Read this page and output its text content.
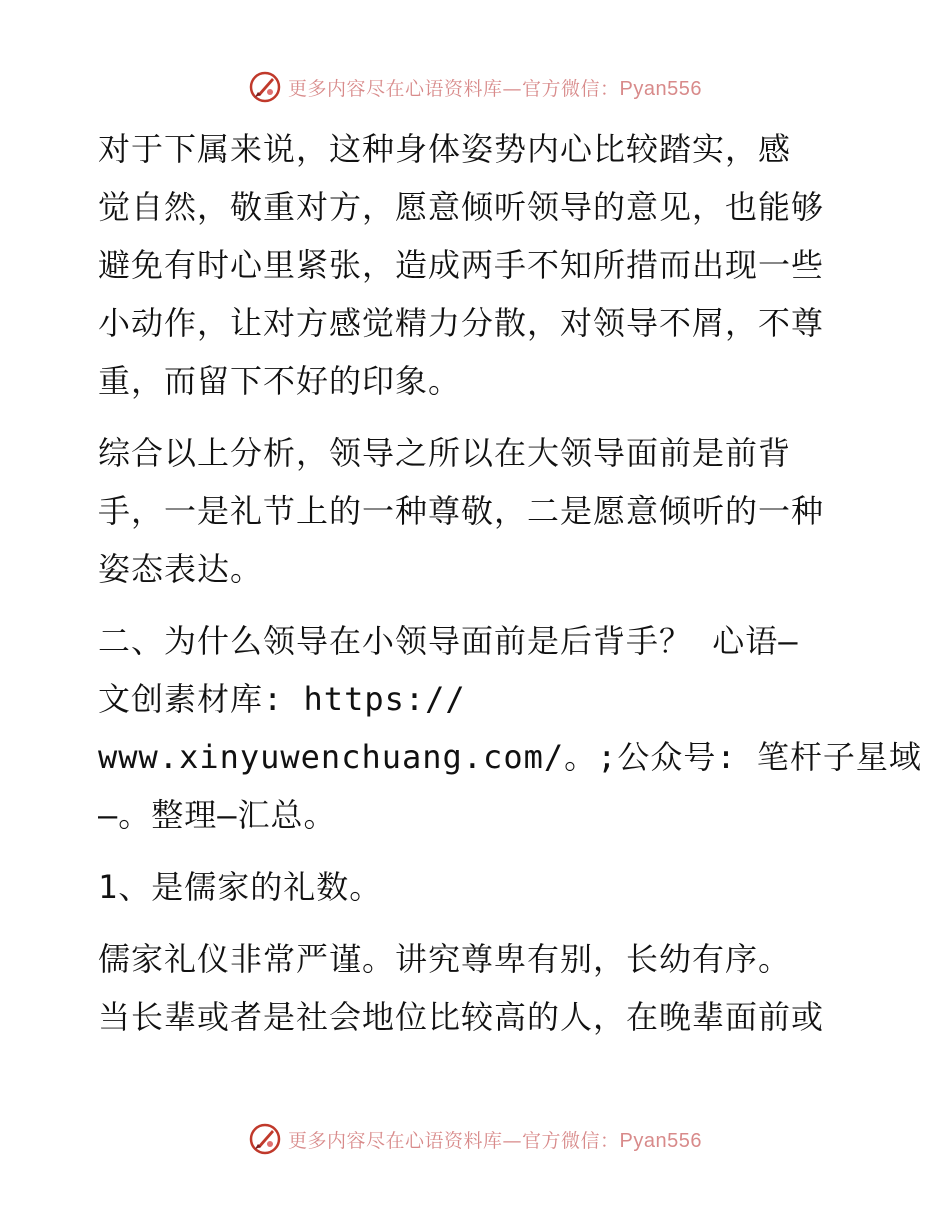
更多内容尽在心语资料库—官方微信：Pyan556

对于下属来说，这种身体姿势内心比较踏实，感
觉自然，敬重对方，愿意倾听领导的意见，也能够
避免有时心里紧张，造成两手不知所措而出现一些
小动作，让对方感觉精力分散，对领导不屑，不尊
重，而留下不好的印象。

综合以上分析，领导之所以在大领导面前是前背
手，一是礼节上的一种尊敬，二是愿意倾听的一种
姿态表达。

二、为什么领导在小领导面前是后背手？ 心语—
文创素材库: https://
www.xinyuwenchuang.com/。;公众号: 笔杆子星域
—。整理—汇总。

1、是儒家的礼数。

儒家礼仪非常严谨。讲究尊卑有别，长幼有序。
当长辈或者是社会地位比较高的人，在晚辈面前或

更多内容尽在心语资料库—官方微信：Pyan556
